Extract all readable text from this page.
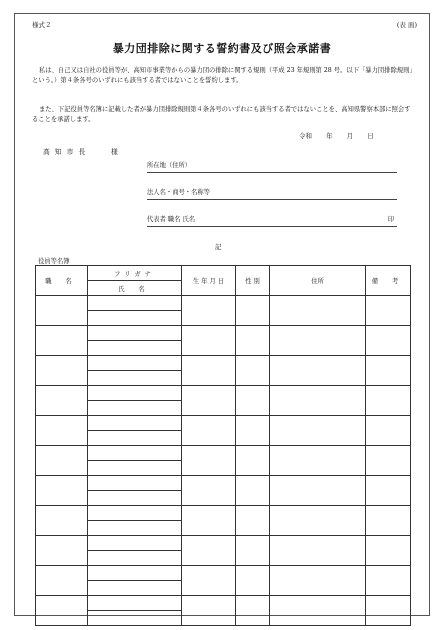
様式２	(表 面)
暴力団排除に関する誓約書及び照会承諾書
私は、自己又は自社の役員等が、高知市事業等からの暴力団の排除に関する規則（平成 23 年規則第 28 号。以下「暴力団排除規則」という。）第４条各号のいずれにも該当する者ではないことを誓約します。
また、下記役員等名簿に記載した者が暴力団排除規則第４条各号のいずれにも該当する者ではないことを、高知県警察本部に照会することを承諾します。
令和 年 月 日
高知市長	様
所在地（住所）
法人名・商号・名称等
代表者 職名 氏名	印
記
役員等名簿
職 名	フリガナ	生 年 月 日	性 別	住所	備 考
	氏 名				
